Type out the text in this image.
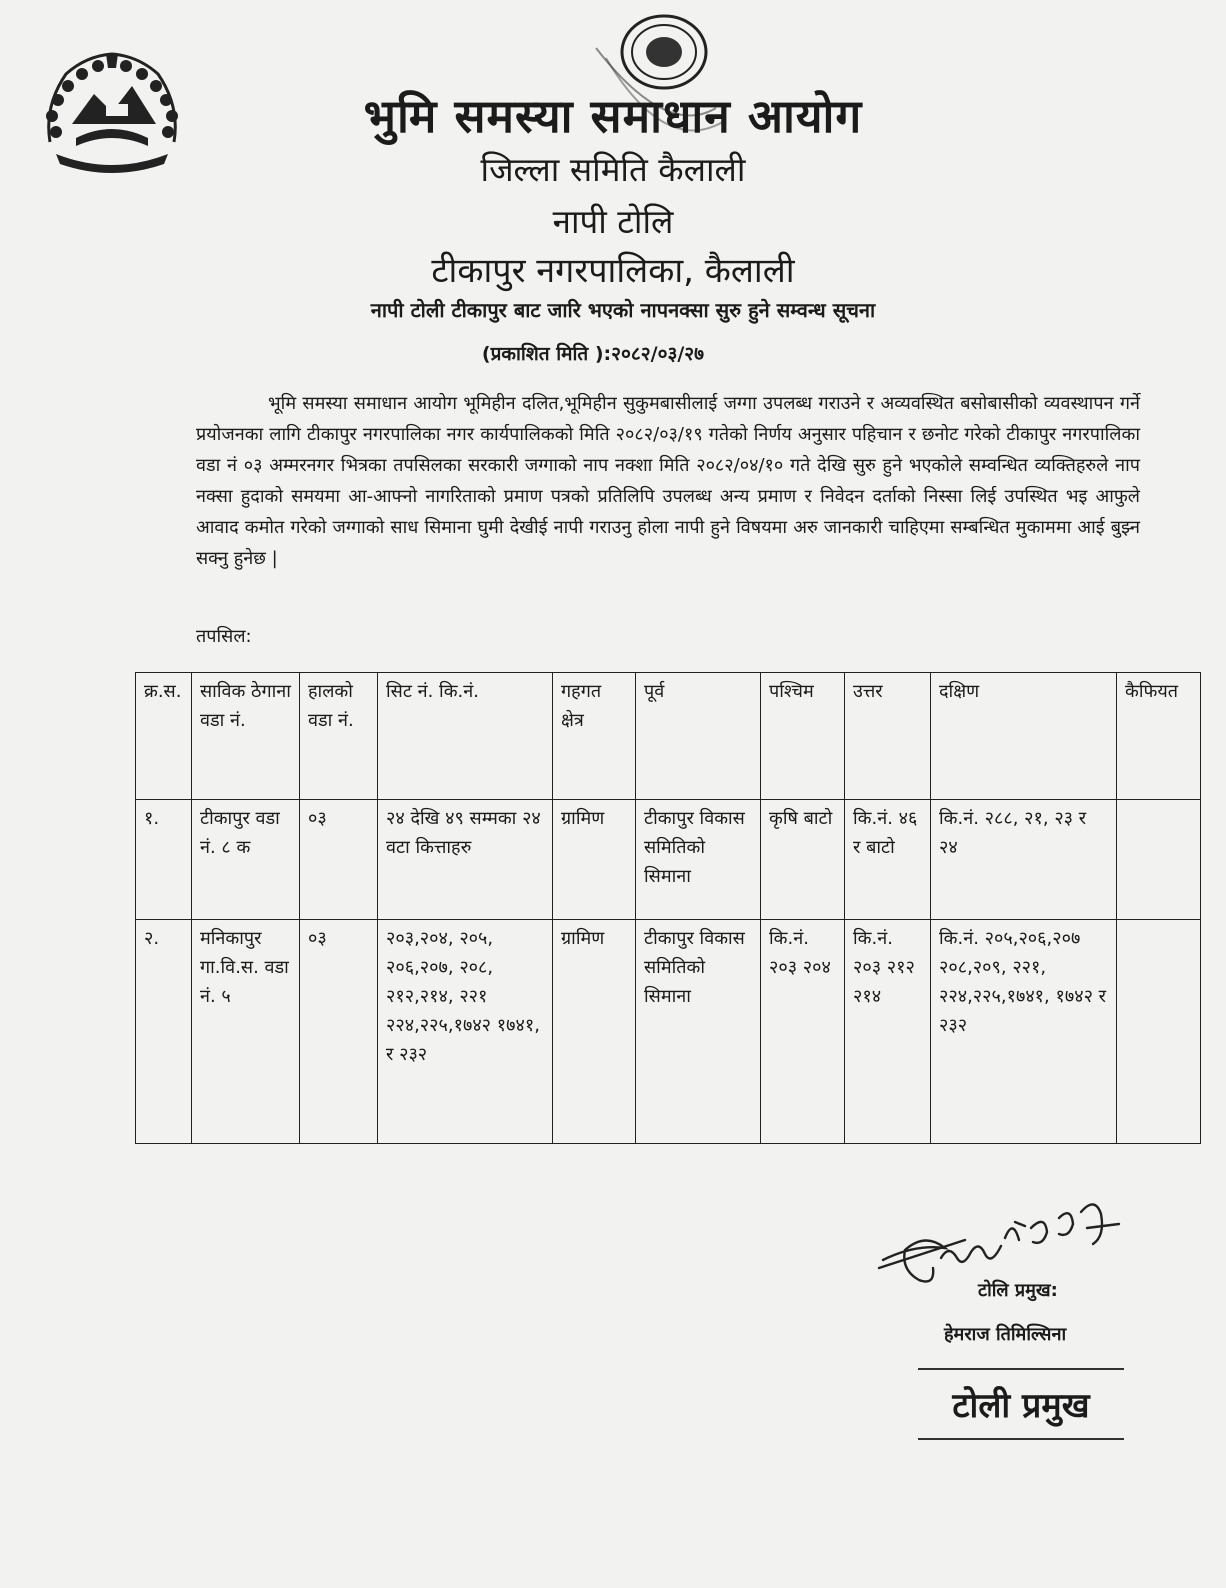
भुमि समस्या समाधान आयोग
जिल्ला समिति कैलाली
नापी टोलि
टीकापुर नगरपालिका, कैलाली
नापी टोली टीकापुर बाट जारि भएको नापनक्सा सुरु हुने सम्वन्ध सूचना
(प्रकाशित मिति ):२०८२/०३/२७
भूमि समस्या समाधान आयोग भूमिहीन दलित,भूमिहीन सुकुमबासीलाई जग्गा उपलब्ध गराउने र अव्यवस्थित बसोबासीको व्यवस्थापन गर्ने प्रयोजनका लागि टीकापुर नगरपालिका नगर कार्यपालिकको मिति २०८२/०३/१९ गतेको निर्णय अनुसार पहिचान र छनोट गरेको टीकापुर नगरपालिका वडा नं ०३ अम्मरनगर भित्रका तपसिलका सरकारी जग्गाको नाप नक्शा मिति २०८२/०४/१० गते देखि सुरु हुने भएकोले सम्वन्धित व्यक्तिहरुले नाप नक्सा हुदाको समयमा आ-आफ्नो नागरिताको प्रमाण पत्रको प्रतिलिपि उपलब्ध अन्य प्रमाण र निवेदन दर्ताको निस्सा लिई उपस्थित भइ आफुले आवाद कमोत गरेको जग्गाको साध सिमाना घुमी देखीई नापी गराउनु होला नापी हुने विषयमा अरु जानकारी चाहिएमा सम्बन्धित मुकाममा आई बुझ्न सक्नु हुनेछ |
तपसिल:
क्र.स.	साविक ठेगाना वडा नं.	हालको वडा नं.	सिट नं. कि.नं.	गहगत क्षेत्र	पूर्व	पश्चिम	उत्तर	दक्षिण	कैफियत
१.	टीकापुर वडा नं. ८ क	०३	२४ देखि ४९ सम्मका २४ वटा कित्ताहरु	ग्रामिण	टीकापुर विकास समितिको सिमाना	कृषि बाटो	कि.नं. ४६ र बाटो	कि.नं. २८८, २१, २३ र २४	
२.	मनिकापुर गा.वि.स. वडा नं. ५	०३	२०३,२०४, २०५, २०६,२०७, २०८, २१२,२१४, २२१ २२४,२२५,१७४२ १७४१, र २३२	ग्रामिण	टीकापुर विकास समितिको सिमाना	कि.नं. २०३ २०४	कि.नं. २०३ २१२ २१४	कि.नं. २०५,२०६,२०७ २०८,२०९, २२१, २२४,२२५,१७४१, १७४२ र २३२	
टोलि प्रमुख:
हेमराज तिमिल्सिना
टोली प्रमुख
